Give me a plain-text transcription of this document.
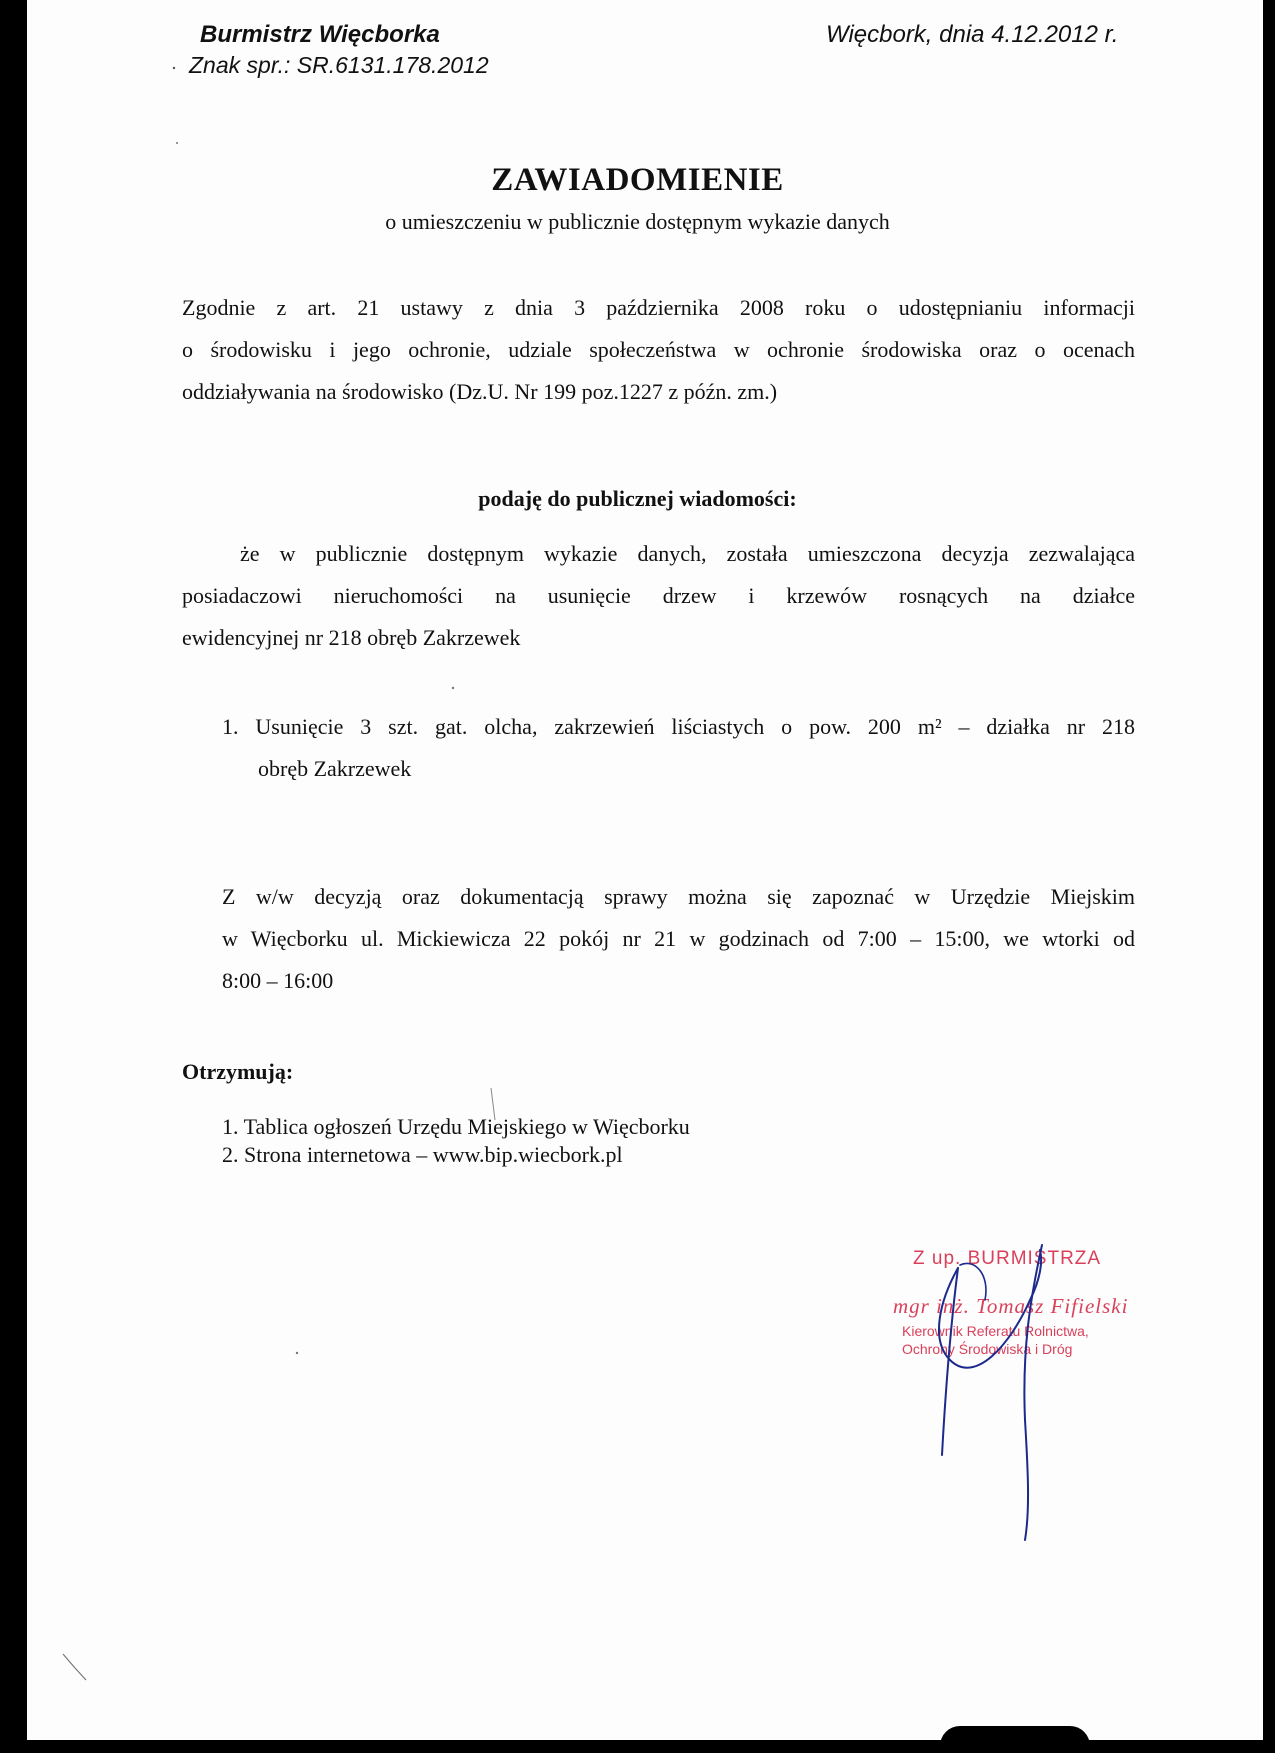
Burmistrz Więcborka
Znak spr.: SR.6131.178.2012
Więcbork, dnia 4.12.2012 r.
ZAWIADOMIENIE
o umieszczeniu w publicznie dostępnym wykazie danych
Zgodnie z art. 21 ustawy z dnia 3 października 2008 roku o udostępnianiu informacji
o środowisku i jego ochronie, udziale społeczeństwa w ochronie środowiska oraz o ocenach
oddziaływania na środowisko (Dz.U. Nr 199 poz.1227 z późn. zm.)
podaję do publicznej wiadomości:
że w publicznie dostępnym wykazie danych, została umieszczona decyzja zezwalająca
posiadaczowi nieruchomości na usunięcie drzew i krzewów rosnących na działce
ewidencyjnej nr 218 obręb Zakrzewek
1. Usunięcie 3 szt. gat. olcha, zakrzewień liściastych o pow. 200 m² – działka nr 218
obręb Zakrzewek
Z w/w decyzją oraz dokumentacją sprawy można się zapoznać w Urzędzie Miejskim
w Więcborku ul. Mickiewicza 22 pokój nr 21 w godzinach od 7:00 – 15:00, we wtorki od
8:00 – 16:00
Otrzymują:
1. Tablica ogłoszeń Urzędu Miejskiego w Więcborku
2. Strona internetowa – www.bip.wiecbork.pl
Z up. BURMISTRZA
mgr inż. Tomasz Fifielski
Kierownik Referatu Rolnictwa,
Ochrony Środowiska i Dróg
